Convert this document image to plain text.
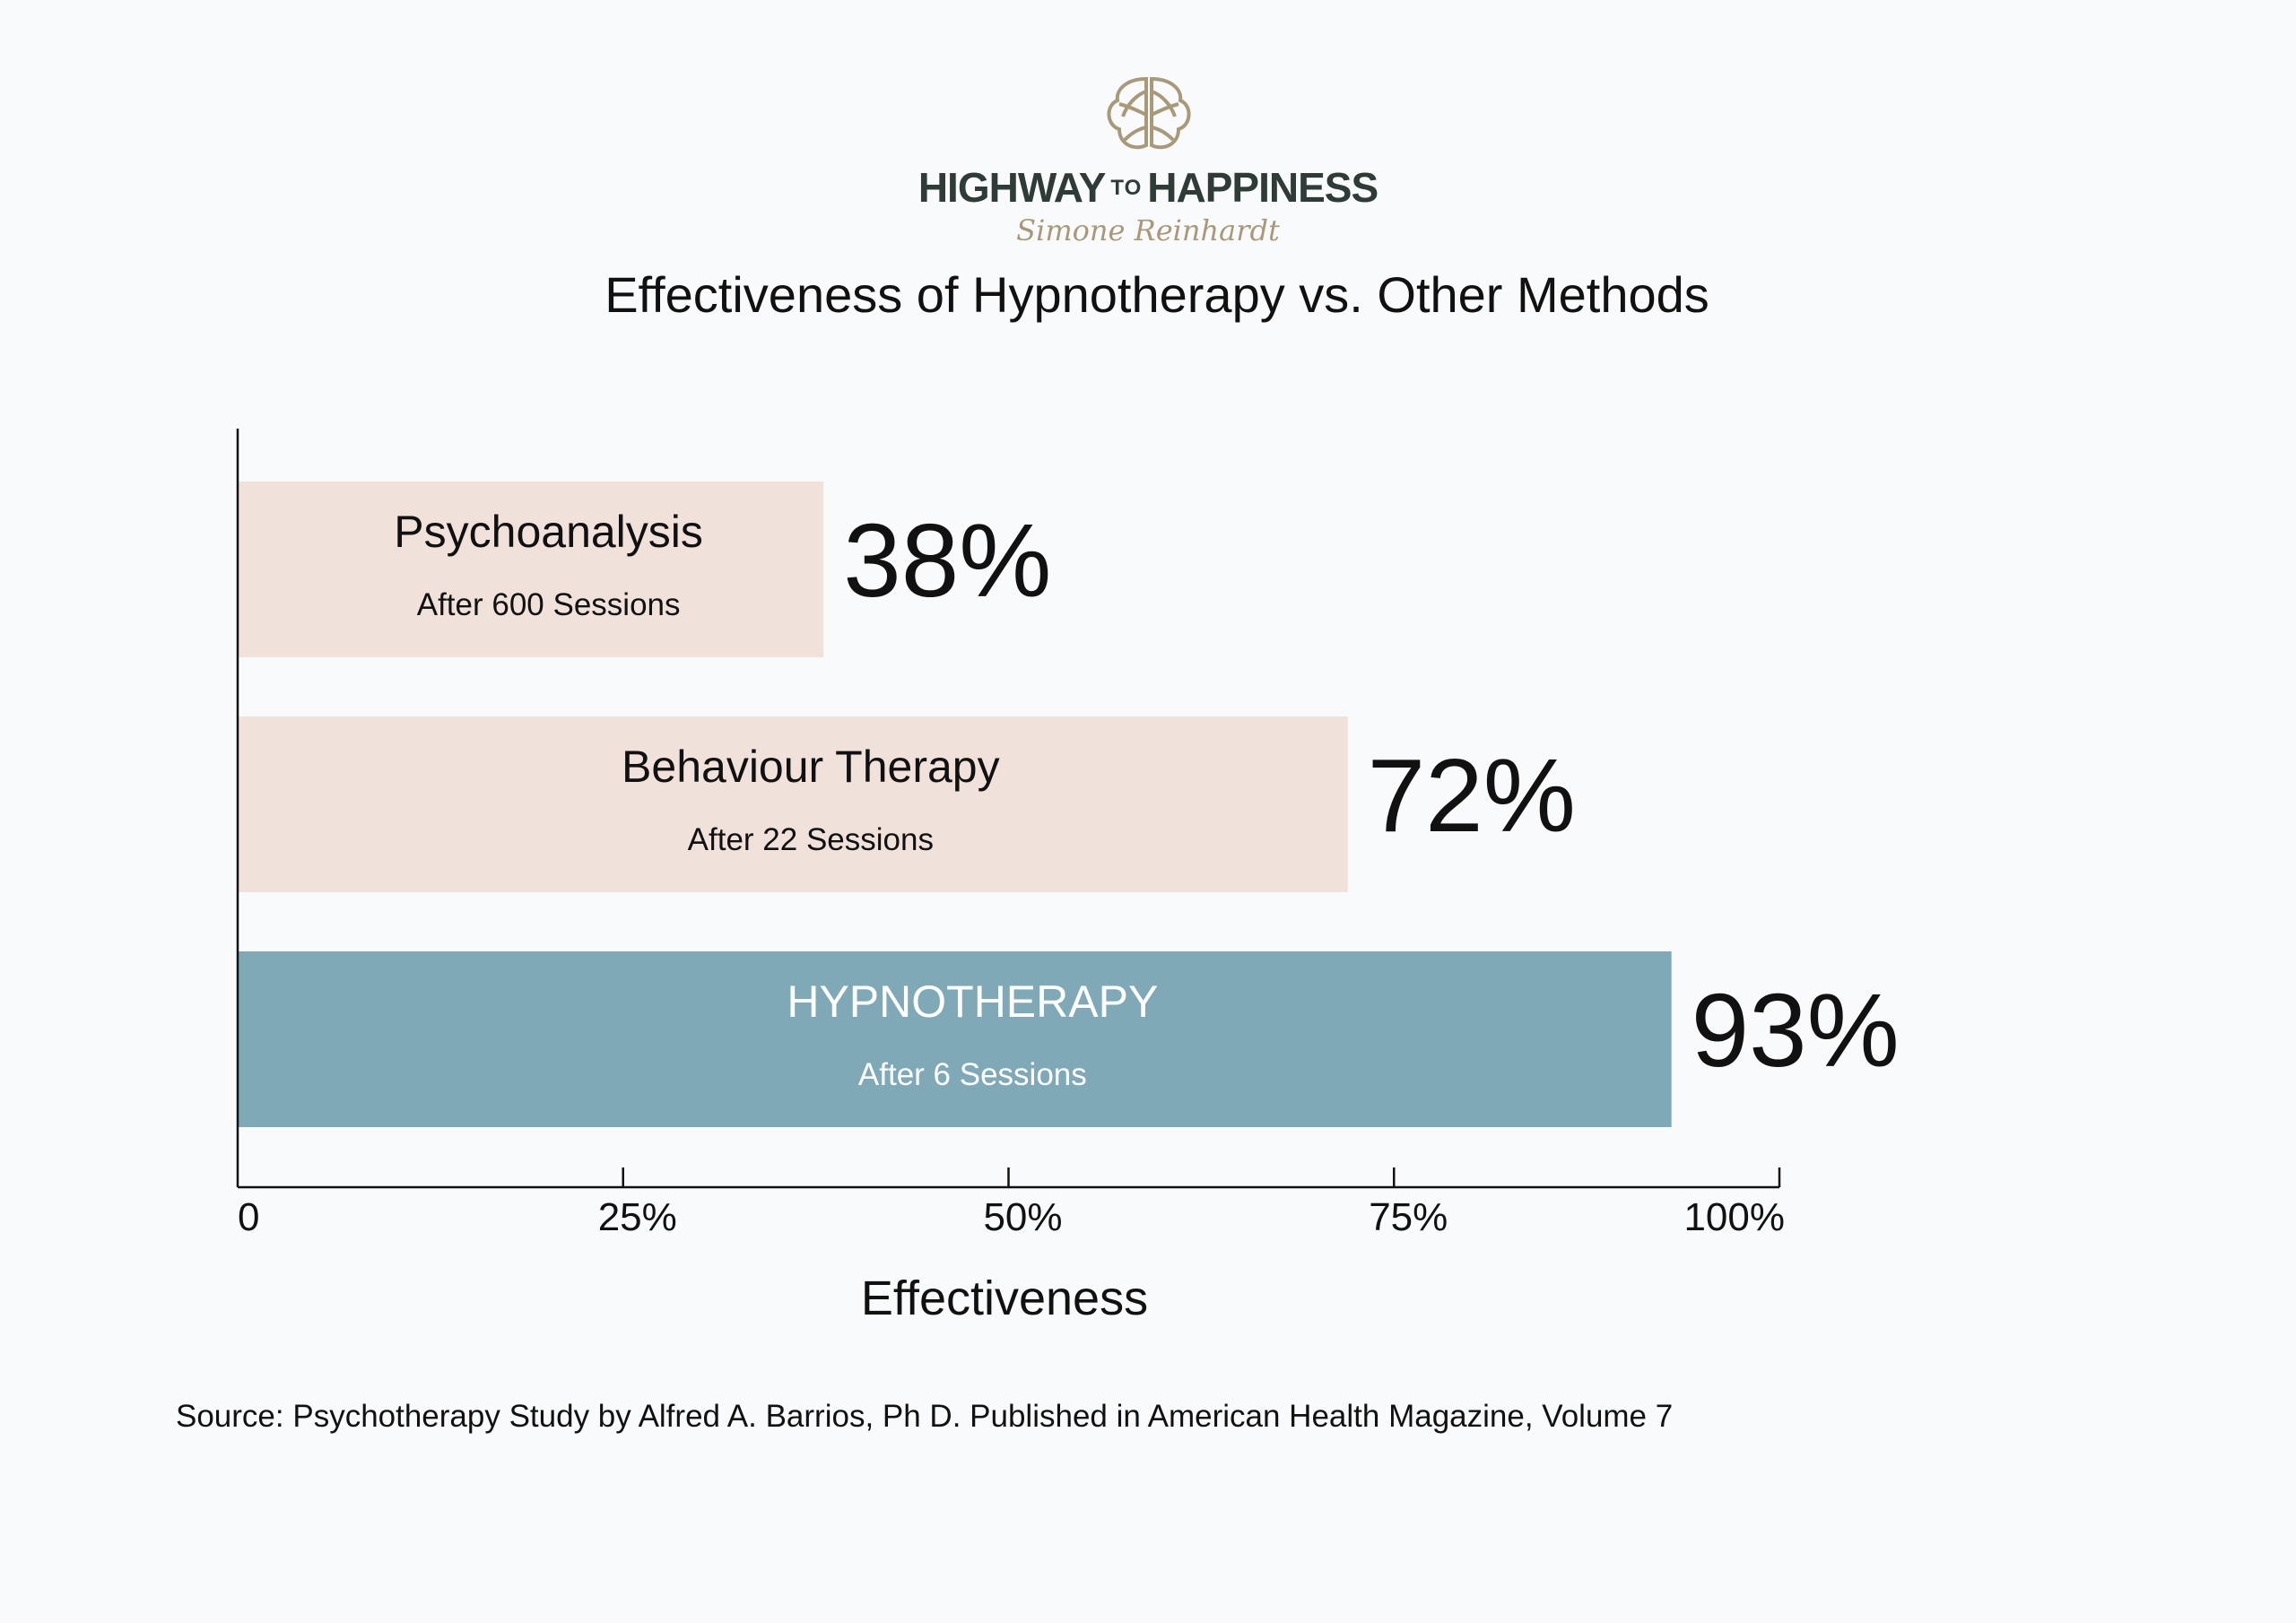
HIGHWAY TO HAPPINESS
Simone Reinhardt
Effectiveness of Hypnotherapy vs. Other Methods
Psychoanalysis
After 600 Sessions 38%
Behaviour Therapy
After 22 Sessions	72%
HYPNOTHERAPY
After 6 Sessions	93%
0	25%	50%	75%	100%
Effectiveness
Source: Psychotherapy Study by Alfred A. Barrios, Ph D. Published in American Health Magazine, Volume 7
